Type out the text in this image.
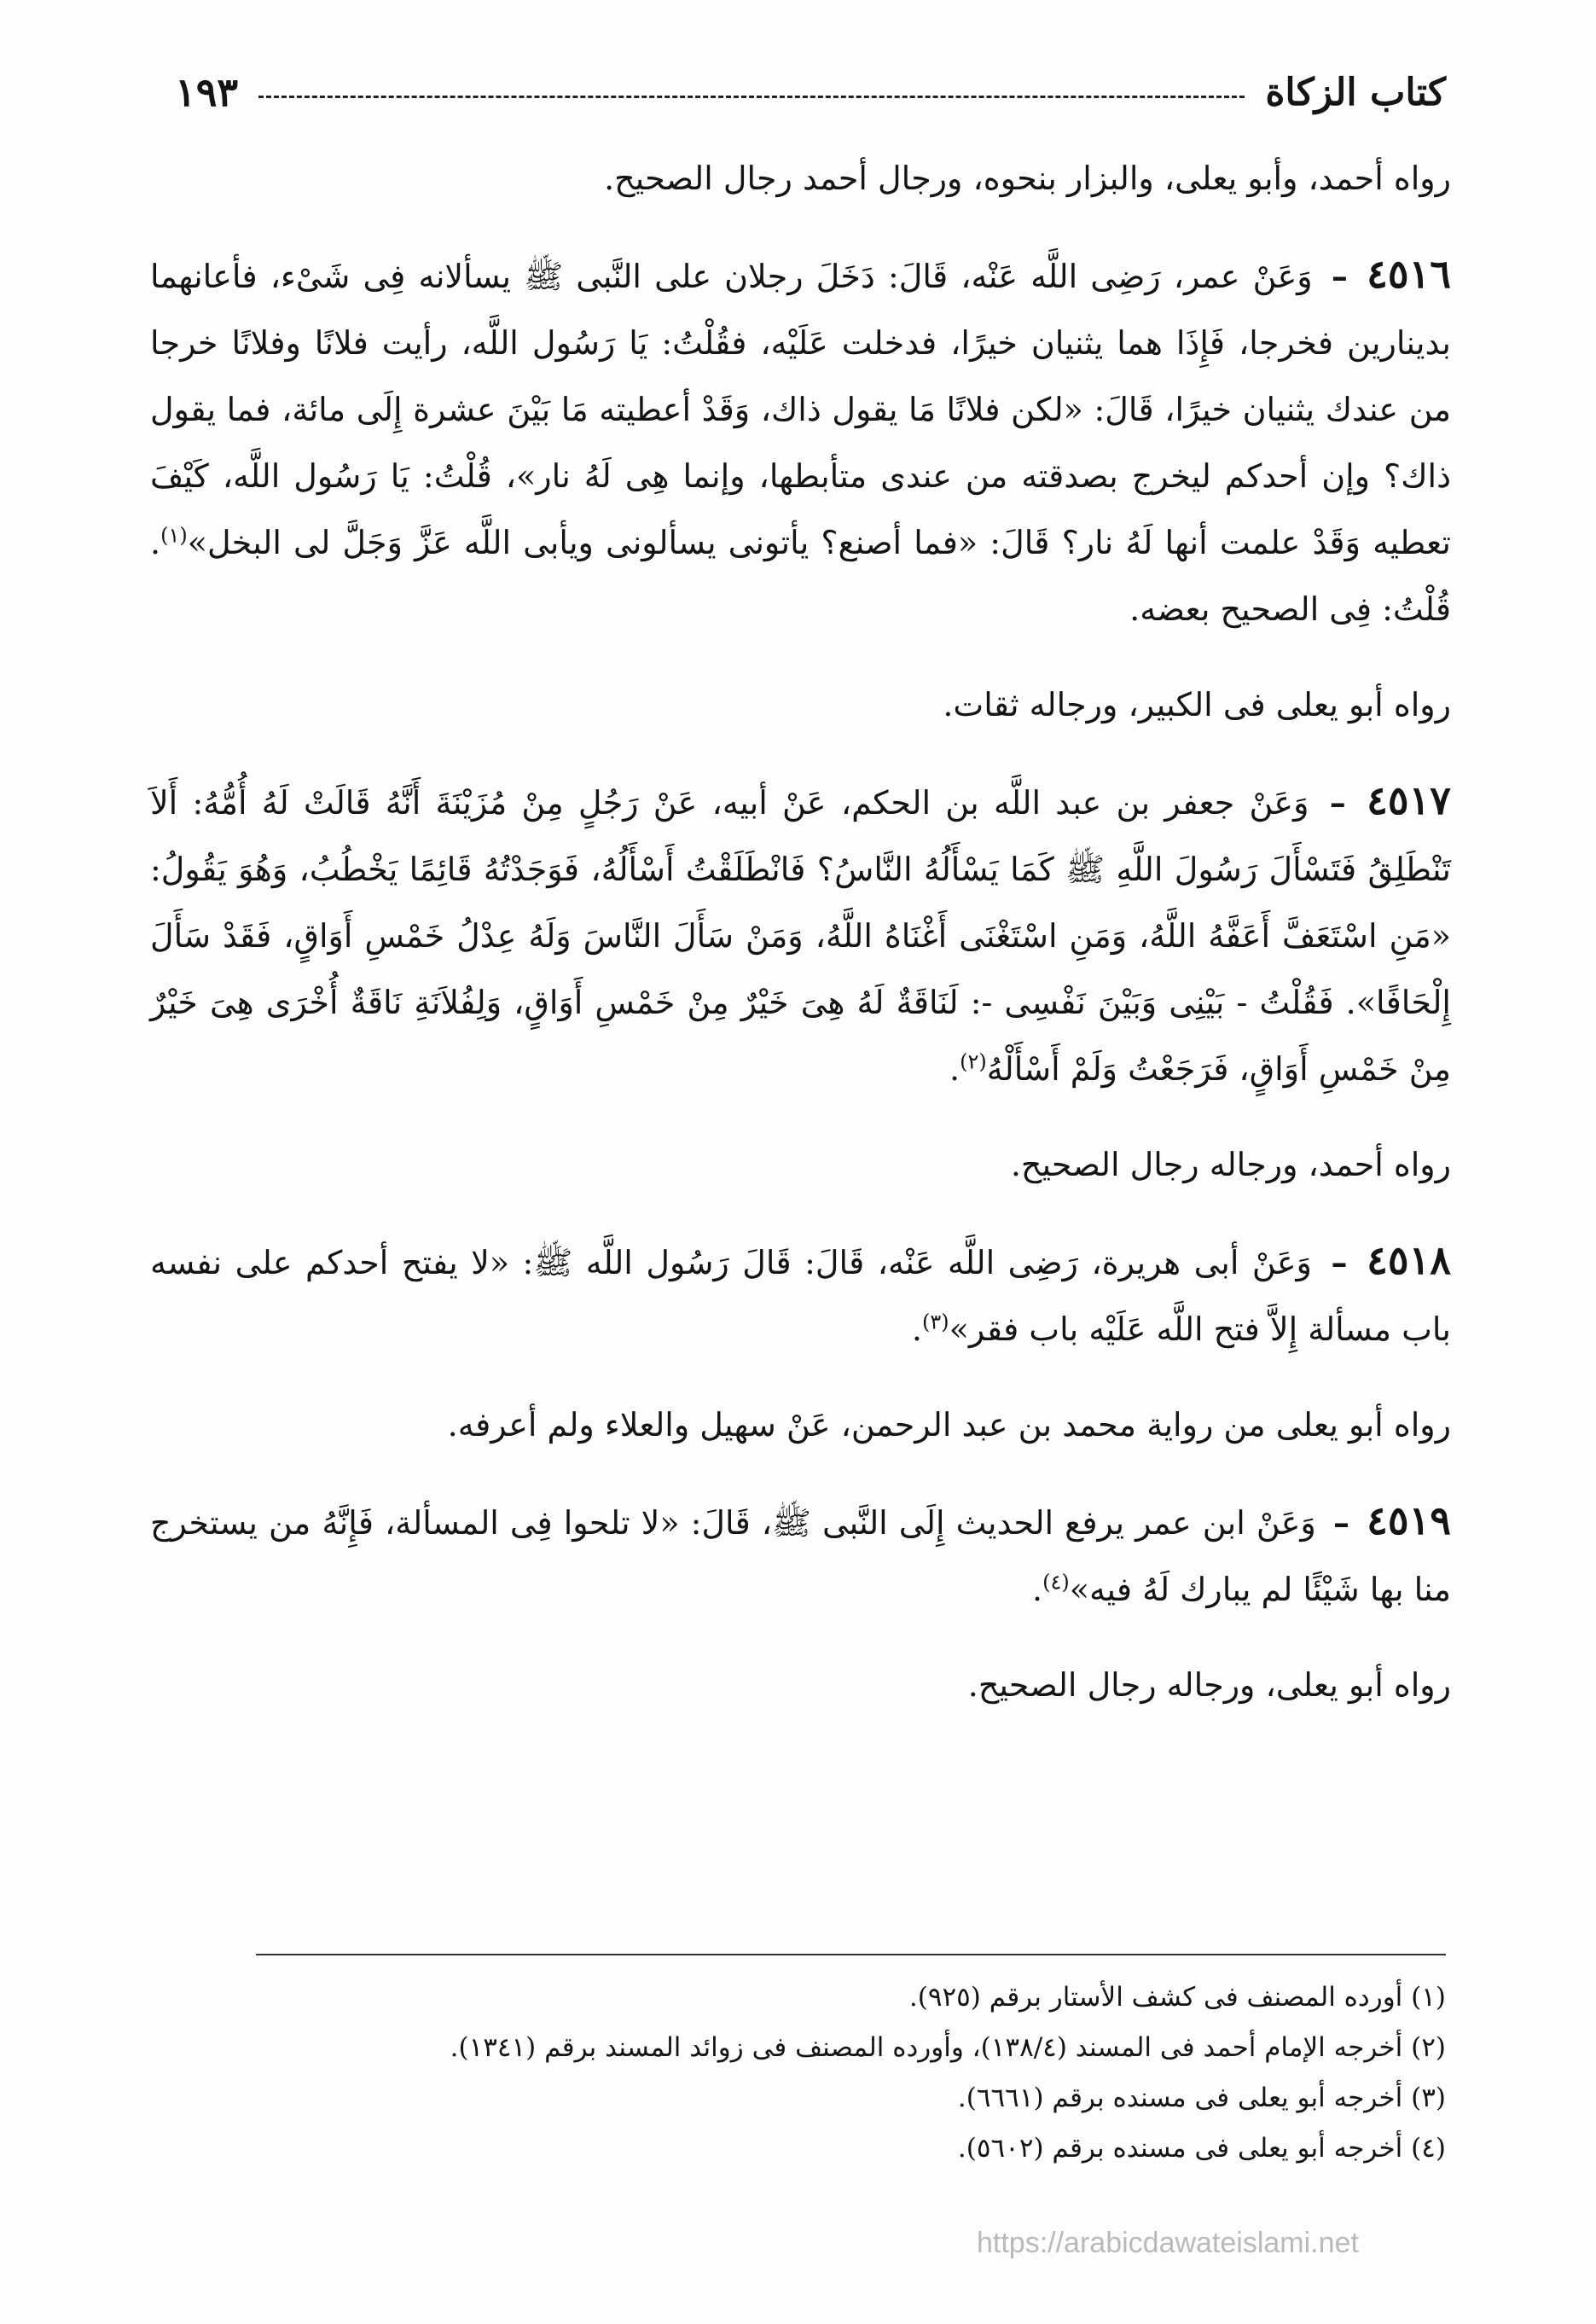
كتاب الزكاة
١٩٣

رواه أحمد، وأبو يعلى، والبزار بنحوه، ورجال أحمد رجال الصحيح.

٤٥١٦ – وَعَنْ عمر، رَضِى اللَّه عَنْه، قَالَ: دَخَلَ رجلان على النَّبى ﷺ يسألانه فِى شَىْء، فأعانهما بدينارين فخرجا، فَإِذَا هما يثنيان خيرًا، فدخلت عَلَيْه، فقُلْتُ: يَا رَسُول اللَّه، رأيت فلانًا وفلانًا خرجا من عندك يثنيان خيرًا، قَالَ: «لكن فلانًا مَا يقول ذاك، وَقَدْ أعطيته مَا بَيْنَ عشرة إِلَى مائة، فما يقول ذاك؟ وإن أحدكم ليخرج بصدقته من عندى متأبطها، وإنما هِى لَهُ نار»، قُلْتُ: يَا رَسُول اللَّه، كَيْفَ تعطيه وَقَدْ علمت أنها لَهُ نار؟ قَالَ: «فما أصنع؟ يأتونى يسألونى ويأبى اللَّه عَزَّ وَجَلَّ لى البخل»$^{(١)}$. قُلْتُ: فِى الصحيح بعضه.

رواه أبو يعلى فى الكبير، ورجاله ثقات.

٤٥١٧ – وَعَنْ جعفر بن عبد اللَّه بن الحكم، عَنْ أبيه، عَنْ رَجُلٍ مِنْ مُزَيْنَةَ أَنَّهُ قَالَتْ لَهُ أُمُّهُ: أَلاَ تَنْطَلِقُ فَتَسْأَلَ رَسُولَ اللَّهِ ﷺ كَمَا يَسْأَلُهُ النَّاسُ؟ فَانْطَلَقْتُ أَسْأَلُهُ، فَوَجَدْتُهُ قَائِمًا يَخْطُبُ، وَهُوَ يَقُولُ: «مَنِ اسْتَعَفَّ أَعَفَّهُ اللَّهُ، وَمَنِ اسْتَغْنَى أَغْنَاهُ اللَّهُ، وَمَنْ سَأَلَ النَّاسَ وَلَهُ عِدْلُ خَمْسِ أَوَاقٍ، فَقَدْ سَأَلَ إِلْحَافًا». فَقُلْتُ - بَيْنِى وَبَيْنَ نَفْسِى -: لَنَاقَةٌ لَهُ هِىَ خَيْرٌ مِنْ خَمْسِ أَوَاقٍ، وَلِفُلاَنَةِ نَاقَةٌ أُخْرَى هِىَ خَيْرٌ مِنْ خَمْسِ أَوَاقٍ، فَرَجَعْتُ وَلَمْ أَسْأَلْهُ$^{(٢)}$.

رواه أحمد، ورجاله رجال الصحيح.

٤٥١٨ – وَعَنْ أبى هريرة، رَضِى اللَّه عَنْه، قَالَ: قَالَ رَسُول اللَّه ﷺ: «لا يفتح أحدكم على نفسه باب مسألة إِلاَّ فتح اللَّه عَلَيْه باب فقر»$^{(٣)}$.

رواه أبو يعلى من رواية محمد بن عبد الرحمن، عَنْ سهيل والعلاء ولم أعرفه.

٤٥١٩ – وَعَنْ ابن عمر يرفع الحديث إِلَى النَّبى ﷺ، قَالَ: «لا تلحوا فِى المسألة، فَإِنَّهُ من يستخرج منا بها شَيْئًا لم يبارك لَهُ فيه»$^{(٤)}$.

رواه أبو يعلى، ورجاله رجال الصحيح.

(١) أورده المصنف فى كشف الأستار برقم (٩٢٥).
(٢) أخرجه الإمام أحمد فى المسند (١٣٨/٤)، وأورده المصنف فى زوائد المسند برقم (١٣٤١).
(٣) أخرجه أبو يعلى فى مسنده برقم (٦٦٦١).
(٤) أخرجه أبو يعلى فى مسنده برقم (٥٦٠٢).
https://arabicdawateislami.net
